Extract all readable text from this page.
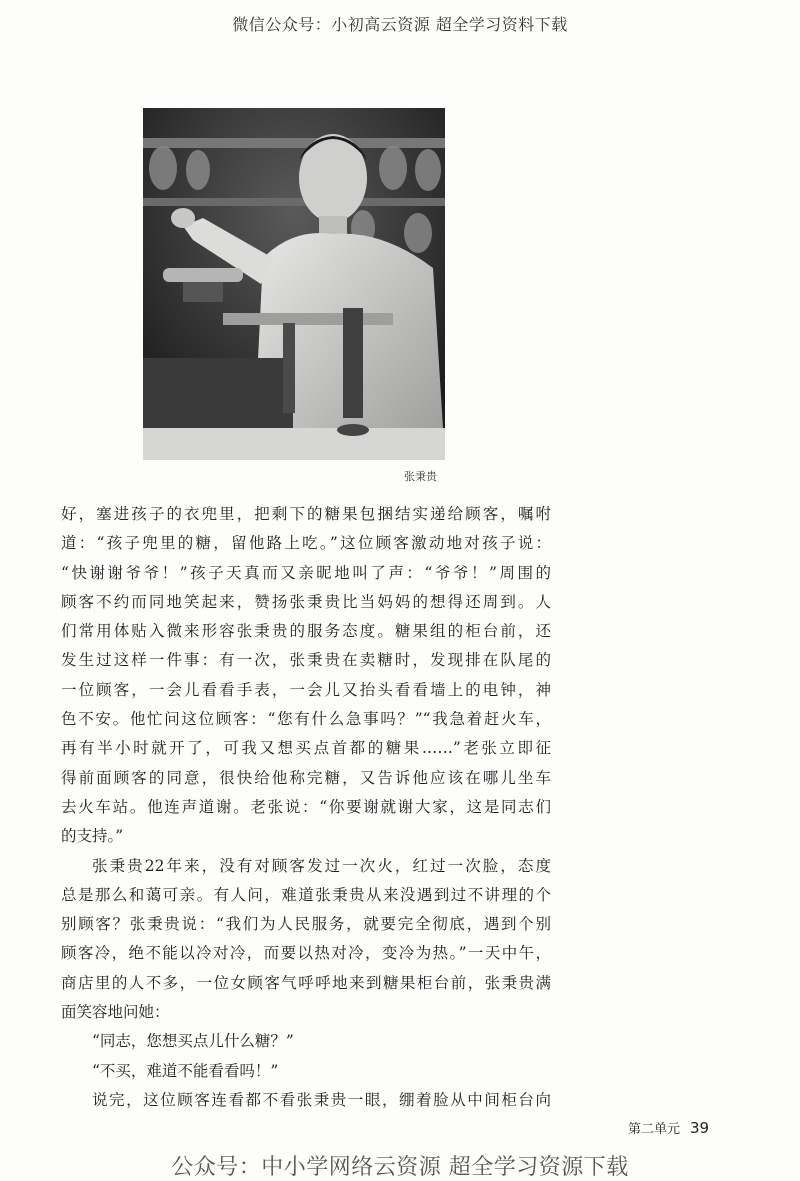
微信公众号：小初高云资源 超全学习资料下载
张秉贵

好，塞进孩子的衣兜里，把剩下的糖果包捆结实递给顾客，嘱咐
道：“孩子兜里的糖，留他路上吃。”这位顾客激动地对孩子说：
“快谢谢爷爷！”孩子天真而又亲昵地叫了声：“爷爷！”周围的
顾客不约而同地笑起来，赞扬张秉贵比当妈妈的想得还周到。人
们常用体贴入微来形容张秉贵的服务态度。糖果组的柜台前，还
发生过这样一件事：有一次，张秉贵在卖糖时，发现排在队尾的
一位顾客，一会儿看看手表，一会儿又抬头看看墙上的电钟，神
色不安。他忙问这位顾客：“您有什么急事吗？”“我急着赶火车，
再有半小时就开了，可我又想买点首都的糖果……”老张立即征
得前面顾客的同意，很快给他称完糖，又告诉他应该在哪儿坐车
去火车站。他连声道谢。老张说：“你要谢就谢大家，这是同志们
的支持。”

张秉贵22年来，没有对顾客发过一次火，红过一次脸，态度
总是那么和蔼可亲。有人问，难道张秉贵从来没遇到过不讲理的个
别顾客？张秉贵说：“我们为人民服务，就要完全彻底，遇到个别
顾客冷，绝不能以冷对冷，而要以热对冷，变冷为热。”一天中午，
商店里的人不多，一位女顾客气呼呼地来到糖果柜台前，张秉贵满
面笑容地问她：

“同志，您想买点儿什么糖？”

“不买，难道不能看看吗！”

说完，这位顾客连看都不看张秉贵一眼，绷着脸从中间柜台向

第二单元 39
公众号：中小学网络云资源 超全学习资源下载
